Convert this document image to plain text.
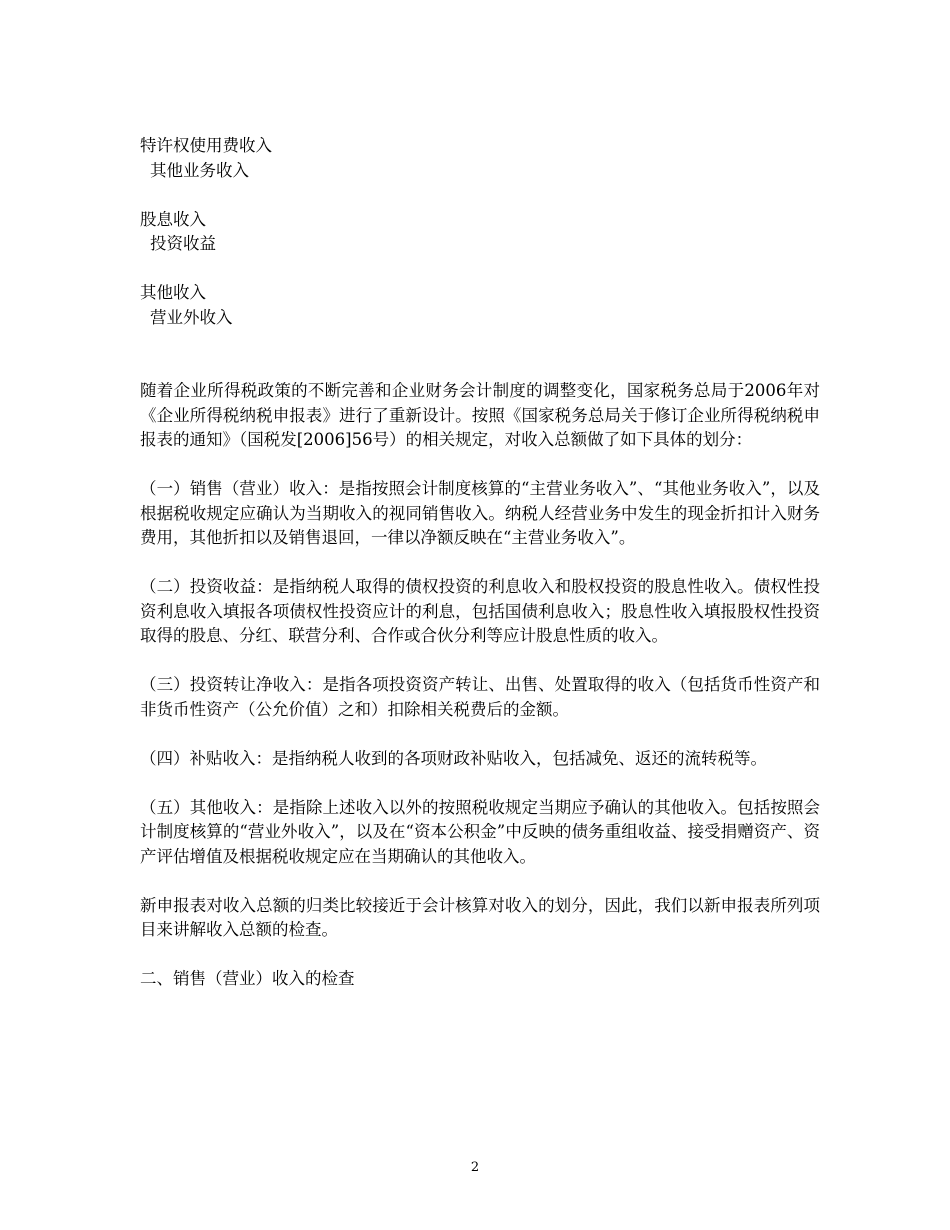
特许权使用费收入
其他业务收入
股息收入
投资收益
其他收入
营业外收入

随着企业所得税政策的不断完善和企业财务会计制度的调整变化，国家税务总局于2006年对《企业所得税纳税申报表》进行了重新设计。按照《国家税务总局关于修订企业所得税纳税申报表的通知》（国税发[2006]56号）的相关规定，对收入总额做了如下具体的划分：

（一）销售（营业）收入：是指按照会计制度核算的“主营业务收入”、“其他业务收入”，以及根据税收规定应确认为当期收入的视同销售收入。纳税人经营业务中发生的现金折扣计入财务费用，其他折扣以及销售退回，一律以净额反映在“主营业务收入”。

（二）投资收益：是指纳税人取得的债权投资的利息收入和股权投资的股息性收入。债权性投资利息收入填报各项债权性投资应计的利息，包括国债利息收入；股息性收入填报股权性投资取得的股息、分红、联营分利、合作或合伙分利等应计股息性质的收入。

（三）投资转让净收入：是指各项投资资产转让、出售、处置取得的收入（包括货币性资产和非货币性资产（公允价值）之和）扣除相关税费后的金额。

（四）补贴收入：是指纳税人收到的各项财政补贴收入，包括减免、返还的流转税等。

（五）其他收入：是指除上述收入以外的按照税收规定当期应予确认的其他收入。包括按照会计制度核算的“营业外收入”，以及在“资本公积金”中反映的债务重组收益、接受捐赠资产、资产评估增值及根据税收规定应在当期确认的其他收入。

新申报表对收入总额的归类比较接近于会计核算对收入的划分，因此，我们以新申报表所列项目来讲解收入总额的检查。

二、销售（营业）收入的检查

2
